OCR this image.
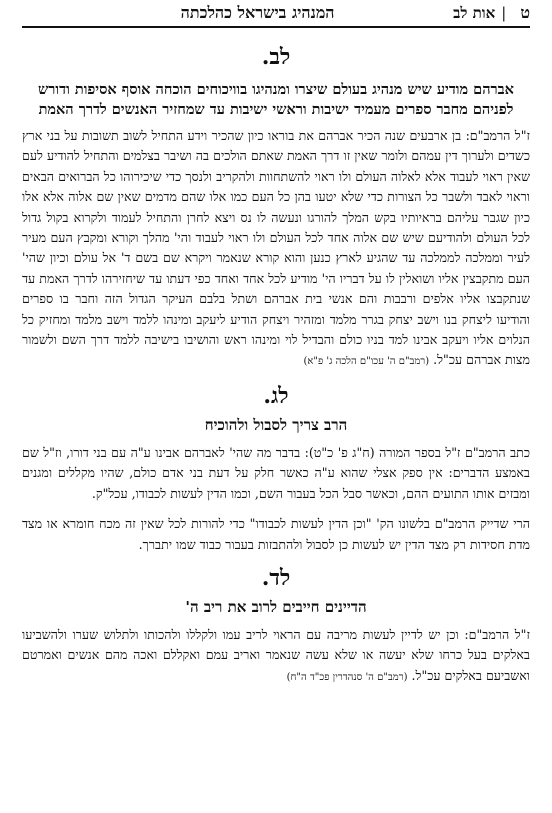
ט|אות לב
המנהיג בישראל כהלכתה
לב.
אברהם מודיע שיש מנהיג בעולם שיצרו ומנהיגו בוויכוחים הוכחה אוסף אסיפות ודורש לפניהם מחבר ספרים מעמיד ישיבות וראשי ישיבות עד שמחזיר האנשים לדרך האמת

ז"ל הרמב"ם: בן ארבעים שנה הכיר אברהם את בוראו כיון שהכיר וידע התחיל לשוב תשובות על בני ארץ כשדים ולערוך דין עמהם ולומר שאין זו דרך האמת שאתם הולכים בה ושיבר בצלמים והתחיל להודיע לעם שאין ראוי לעבוד אלא לאלוה העולם ולו ראוי להשתחוות ולהקריב ולנסך כדי שיכירוהו כל הברואים הבאים וראוי לאבד ולשבר כל הצורות כדי שלא יטעו בהן כל העם כמו אלו שהם מדמים שאין שם אלוה אלא אלו כיון שגבר עליהם בראיותיו בקש המלך להורגו ונעשה לו נס ויצא לחרן והתחיל לעמוד ולקרוא בקול גדול לכל העולם ולהודיעם שיש שם אלוה אחד לכל העולם ולו ראוי לעבוד והי' מהלך וקורא ומקבץ העם מעיר לעיר וממלכה לממלכה עד שהגיע לארץ כנען והוא קורא שנאמר ויקרא שם בשם ד' אל עולם וכיון שהי' העם מתקבצין אליו ושואלין לו על דבריו הי' מודיע לכל אחד ואחד כפי דעתו עד שיחזירהו לדרך האמת עד שנתקבצו אליו אלפים ורבבות והם אנשי בית אברהם ושתל בלבם העיקר הגדול הזה וחבר בו ספרים והודיעו ליצחק בנו וישב יצחק בגרר מלמד ומזהיר ויצחק הודיע ליעקב ומינהו ללמד וישב מלמד ומחזיק כל הנלוים אליו ויעקב אבינו למד בניו כולם והבדיל לוי ומינהו ראש והושיבו בישיבה ללמד דרך השם ולשמור מצות אברהם עכ"ל. (רמב"ם ה' עכו"ם הלכה ג' פ"א)

לג.
הרב צריך לסבול ולהוכיח

כתב הרמב"ם ז"ל בספר המורה (ח"ג פ' כ"ט): בדבר מה שהי' לאברהם אבינו ע"ה עם בני דורו, וז"ל שם באמצע הדברים: אין ספק אצלי שהוא ע"ה כאשר חלק על דעת בני אדם כולם, שהיו מקללים ומגנים ומבזים אותו התועים ההם, וכאשר סבל הכל בעבור השם, וכמו הדין לעשות לכבודו, עכל"ק.

הרי שדייק הרמב"ם בלשונו הק' "וכן הדין לעשות לכבודו" כדי להורות לכל שאין זה מכח חומרא או מצד מדת חסידות רק מצד הדין יש לעשות כן לסבול ולהתבזות בעבור כבוד שמו יתברך.

לד.
הדיינים חייבים לרוב את ריב ה'

ז"ל הרמב"ם: וכן יש לדיין לעשות מריבה עם הראוי לריב עמו ולקללו ולהכותו ולתלוש שערו ולהשביעו באלקים בעל כרחו שלא יעשה או שלא עשה שנאמר ואריב עמם ואקללם ואכה מהם אנשים ואמרטם ואשביעם באלקים עכ"ל. (רמב"ם ה' סנהדרין פכ"ד ה"ח)
